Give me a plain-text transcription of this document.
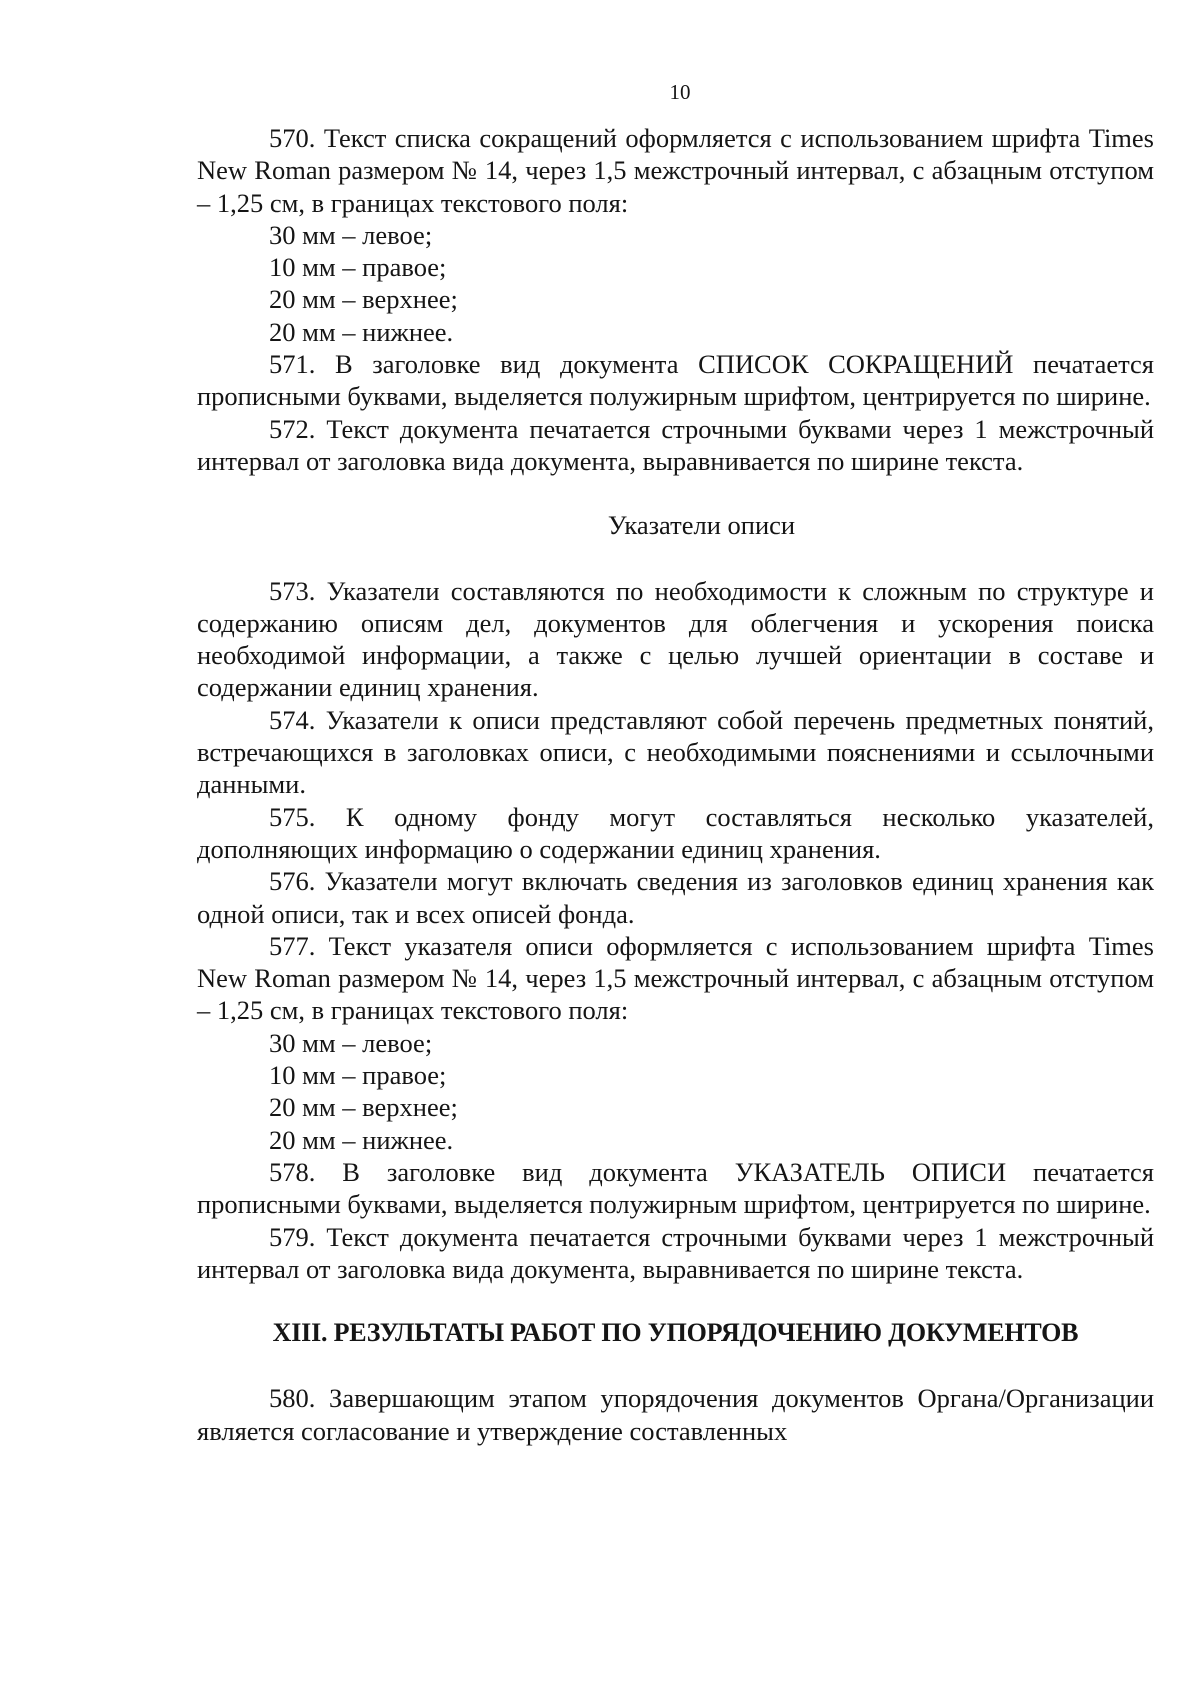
10

570. Текст списка сокращений оформляется с использованием шрифта Times New Roman размером № 14, через 1,5 межстрочный интервал, с абзацным отступом – 1,25 см, в границах текстового поля:

30 мм – левое;

10 мм – правое;

20 мм – верхнее;

20 мм – нижнее.

571. В заголовке вид документа СПИСОК СОКРАЩЕНИЙ печатается прописными буквами, выделяется полужирным шрифтом, центрируется по ширине.

572. Текст документа печатается строчными буквами через 1 межстрочный интервал от заголовка вида документа, выравнивается по ширине текста.

Указатели описи

573. Указатели составляются по необходимости к сложным по структуре и содержанию описям дел, документов для облегчения и ускорения поиска необходимой информации, а также с целью лучшей ориентации в составе и содержании единиц хранения.

574. Указатели к описи представляют собой перечень предметных понятий, встречающихся в заголовках описи, с необходимыми пояснениями и ссылочными данными.

575. К одному фонду могут составляться несколько указателей, дополняющих информацию о содержании единиц хранения.

576. Указатели могут включать сведения из заголовков единиц хранения как одной описи, так и всех описей фонда.

577. Текст указателя описи оформляется с использованием шрифта Times New Roman размером № 14, через 1,5 межстрочный интервал, с абзацным отступом – 1,25 см, в границах текстового поля:

30 мм – левое;

10 мм – правое;

20 мм – верхнее;

20 мм – нижнее.

578. В заголовке вид документа УКАЗАТЕЛЬ ОПИСИ печатается прописными буквами, выделяется полужирным шрифтом, центрируется по ширине.

579. Текст документа печатается строчными буквами через 1 межстрочный интервал от заголовка вида документа, выравнивается по ширине текста.

XIII. РЕЗУЛЬТАТЫ РАБОТ ПО УПОРЯДОЧЕНИЮ ДОКУМЕНТОВ

580. Завершающим этапом упорядочения документов Органа/Организации является согласование и утверждение составленных
